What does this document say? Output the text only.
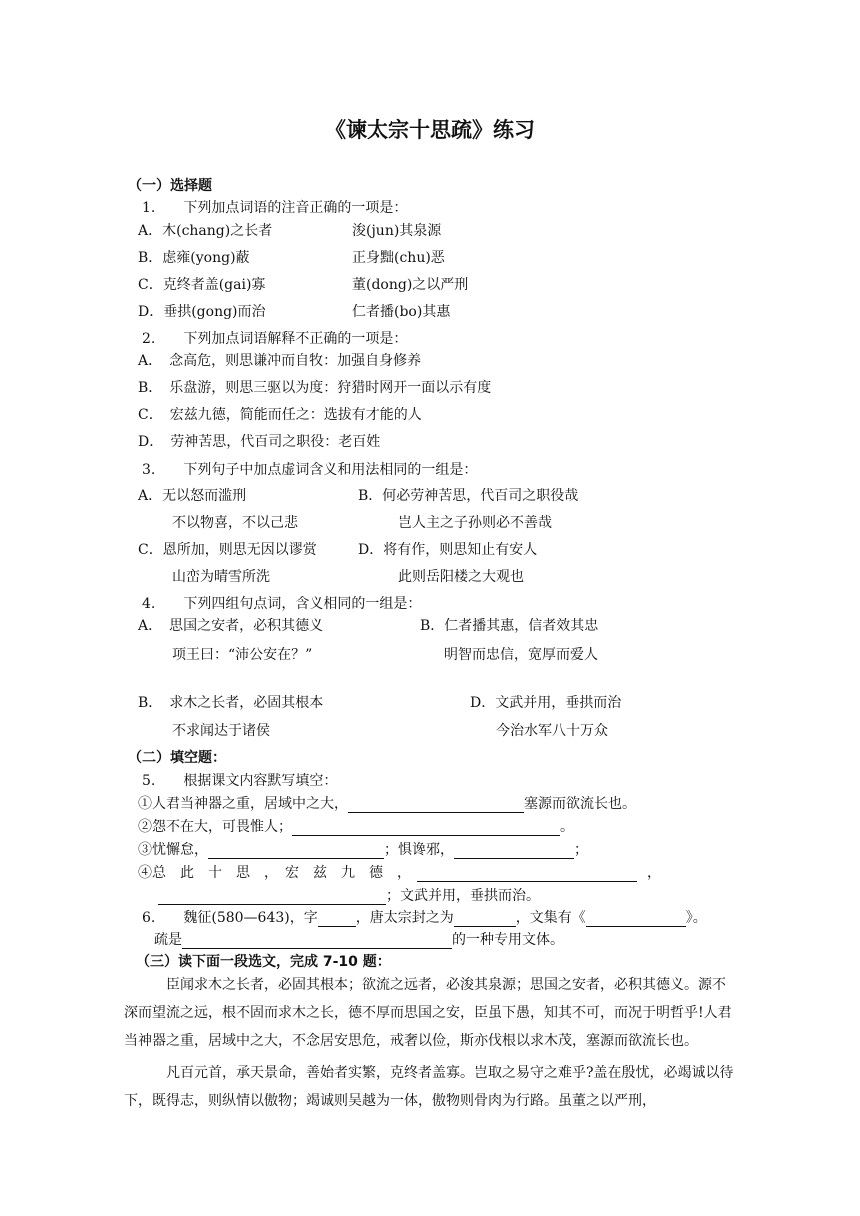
《谏太宗十思疏》练习
（一）选择题
1.　　下列加点词语的注音正确的一项是：
A．木(chang)之长者	浚(jun)其泉源
B．虑雍(yong)蔽	正身黜(chu)恶
C．克终者盖(gai)寡	董(dong)之以严刑
D．垂拱(gong)而治	仁者播(bo)其惠
2.　　下列加点词语解释不正确的一项是：
A．　念高危，则思谦冲而自牧：加强自身修养
B．　乐盘游，则思三驱以为度：狩猎时网开一面以示有度
C．　宏兹九德，简能而任之：选拔有才能的人
D．　劳神苦思，代百司之职役：老百姓
3.　　下列句子中加点虚词含义和用法相同的一组是：
A．无以怒而滥刑	B．何必劳神苦思，代百司之职役哉
不以物喜，不以己悲	岂人主之子孙则必不善哉
C．恩所加，则思无因以谬赏	D．将有作，则思知止有安人
山峦为晴雪所洗	此则岳阳楼之大观也
4.　　下列四组句点词，含义相同的一组是：
A．　思国之安者，必积其德义	B．仁者播其惠，信者效其忠
项王曰：“沛公安在？”	明智而忠信，宽厚而爱人
B．　求木之长者，必固其根本	D．文武并用，垂拱而治
不求闻达于诸侯	今治水军八十万众
（二）填空题：
5.　　根据课文内容默写填空：
①人君当神器之重，居域中之大，	塞源而欲流长也。
②怨不在大，可畏惟人；	。
③忧懈怠，	；惧谗邪，	；
④总　此　十　思　，　宏　兹　九　德　，	，
；文武并用，垂拱而治。
6.　　魏征(580—643)，字	，唐太宗封之为	，文集有《	》。
疏是	的一种专用文体。
（三）读下面一段选文，完成 7-10 题：
臣闻求木之长者，必固其根本；欲流之远者，必浚其泉源；思国之安者，必积其德义。源不深而望流之远，根不固而求木之长，德不厚而思国之安，臣虽下愚，知其不可，而况于明哲乎!人君当神器之重，居域中之大，不念居安思危，戒奢以俭，斯亦伐根以求木茂，塞源而欲流长也。
凡百元首，承天景命，善始者实繁，克终者盖寡。岂取之易守之难乎?盖在殷忧，必竭诚以待下，既得志，则纵情以傲物；竭诚则吴越为一体，傲物则骨肉为行路。虽董之以严刑，
